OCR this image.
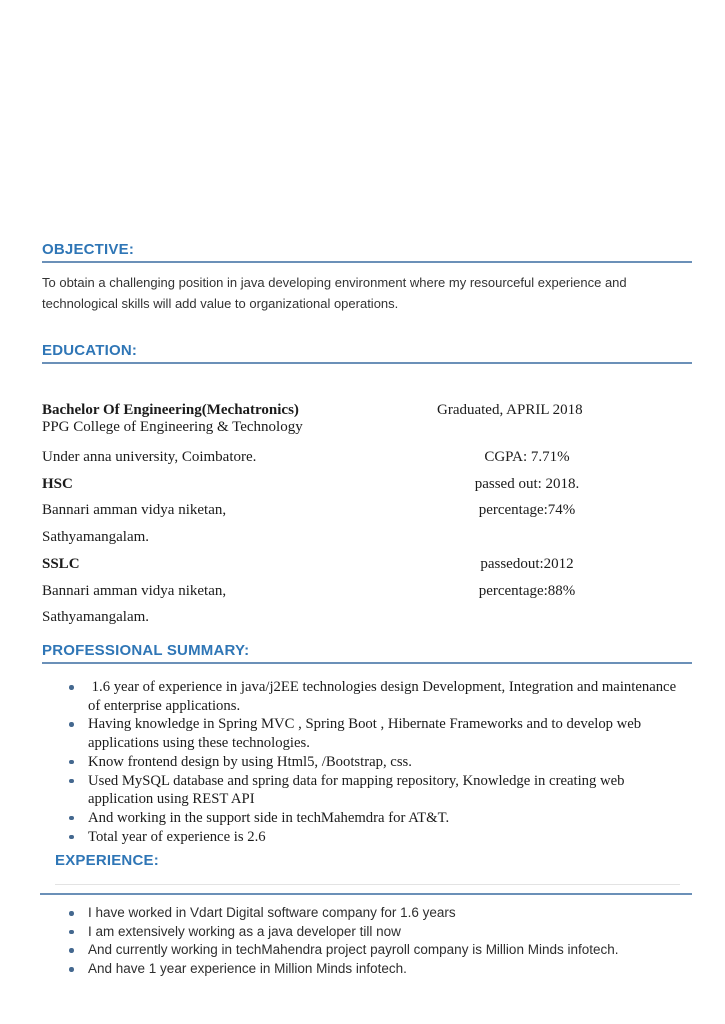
OBJECTIVE:
To obtain a challenging position in java developing environment where my resourceful experience and technological skills will add value to organizational operations.
EDUCATION:
Bachelor Of Engineering(Mechatronics)	Graduated, APRIL 2018
PPG College of Engineering & Technology
Under anna university, Coimbatore.	CGPA: 7.71%
HSC	passed out: 2018.
Bannari amman vidya niketan,	percentage:74%
Sathyamangalam.
SSLC	passedout:2012
Bannari amman vidya niketan,	percentage:88%
Sathyamangalam.
PROFESSIONAL SUMMARY:
1.6 year of experience in java/j2EE technologies design Development, Integration and maintenance of enterprise applications.
Having knowledge in Spring MVC , Spring Boot , Hibernate Frameworks and to develop web applications using these technologies.
Know frontend design by using Html5, /Bootstrap, css.
Used MySQL database and spring data for mapping repository, Knowledge in creating web application using REST API
And working in the support side in techMahemdra for AT&T.
Total year of experience is 2.6
EXPERIENCE:
I have worked in Vdart Digital software company for 1.6 years
I am extensively working as a java developer till now
And currently working in techMahendra project payroll company is Million Minds infotech.
And have 1 year experience in Million Minds infotech.
